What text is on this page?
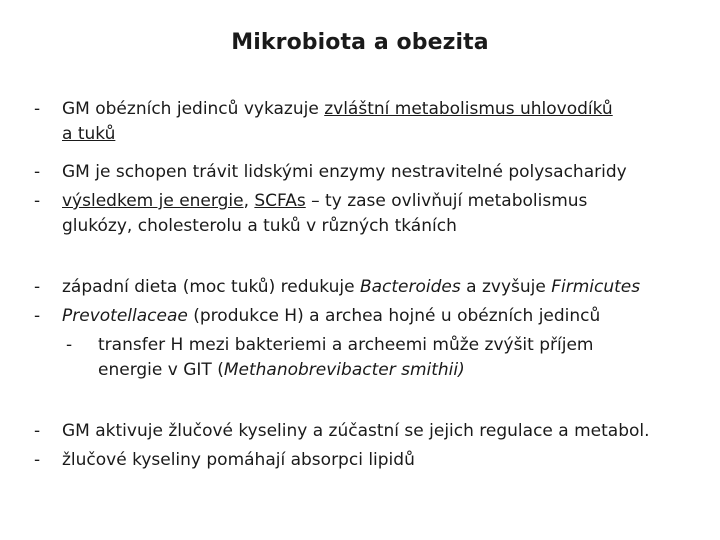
Mikrobiota a obezita
- GM obézních jedinců vykazuje zvláštní metabolismus uhlovodíků
a tuků
- GM je schopen trávit lidskými enzymy nestravitelné polysacharidy
- výsledkem je energie, SCFAs – ty zase ovlivňují metabolismus
glukózy, cholesterolu a tuků v různých tkáních
- západní dieta (moc tuků) redukuje Bacteroides a zvyšuje Firmicutes
- Prevotellaceae (produkce H) a archea hojné u obézních jedinců
- transfer H mezi bakteriemi a archeemi může zvýšit příjem
energie v GIT (Methanobrevibacter smithii)
- GM aktivuje žlučové kyseliny a zúčastní se jejich regulace a metabol.
- žlučové kyseliny pomáhají absorpci lipidů
